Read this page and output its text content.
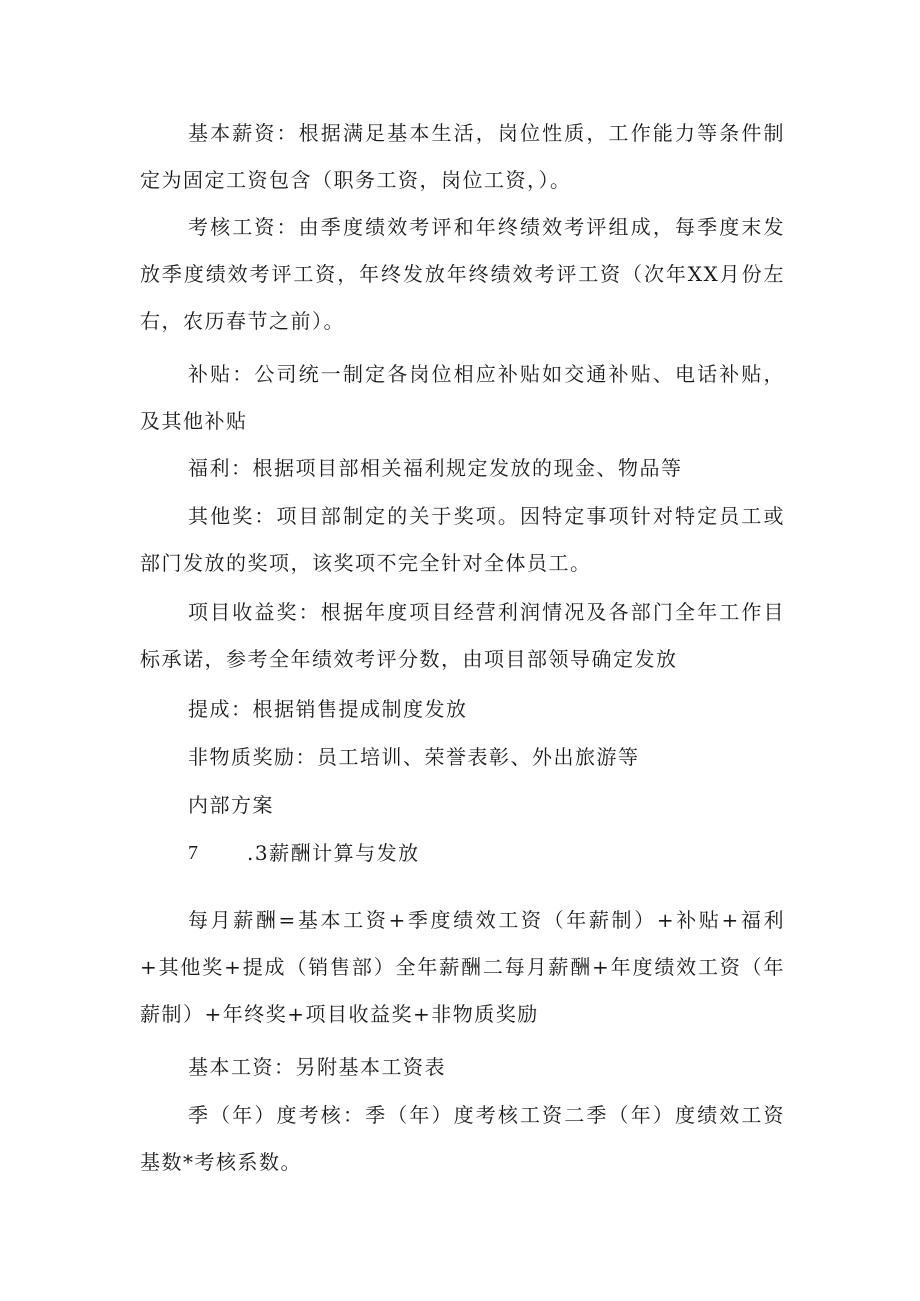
基本薪资：根据满足基本生活，岗位性质，工作能力等条件制定为固定工资包含（职务工资，岗位工资，）。

考核工资：由季度绩效考评和年终绩效考评组成，每季度末发放季度绩效考评工资，年终发放年终绩效考评工资（次年XX月份左右，农历春节之前）。

补贴：公司统一制定各岗位相应补贴如交通补贴、电话补贴，及其他补贴

福利：根据项目部相关福利规定发放的现金、物品等

其他奖：项目部制定的关于奖项。因特定事项针对特定员工或部门发放的奖项，该奖项不完全针对全体员工。

项目收益奖：根据年度项目经营利润情况及各部门全年工作目标承诺，参考全年绩效考评分数，由项目部领导确定发放

提成：根据销售提成制度发放

非物质奖励：员工培训、荣誉表彰、外出旅游等

内部方案

7 .3薪酬计算与发放

每月薪酬=基本工资+季度绩效工资（年薪制）+补贴+福利+其他奖+提成（销售部）全年薪酬二每月薪酬+年度绩效工资（年薪制）+年终奖+项目收益奖+非物质奖励

基本工资：另附基本工资表

季（年）度考核：季（年）度考核工资二季（年）度绩效工资基数*考核系数。
